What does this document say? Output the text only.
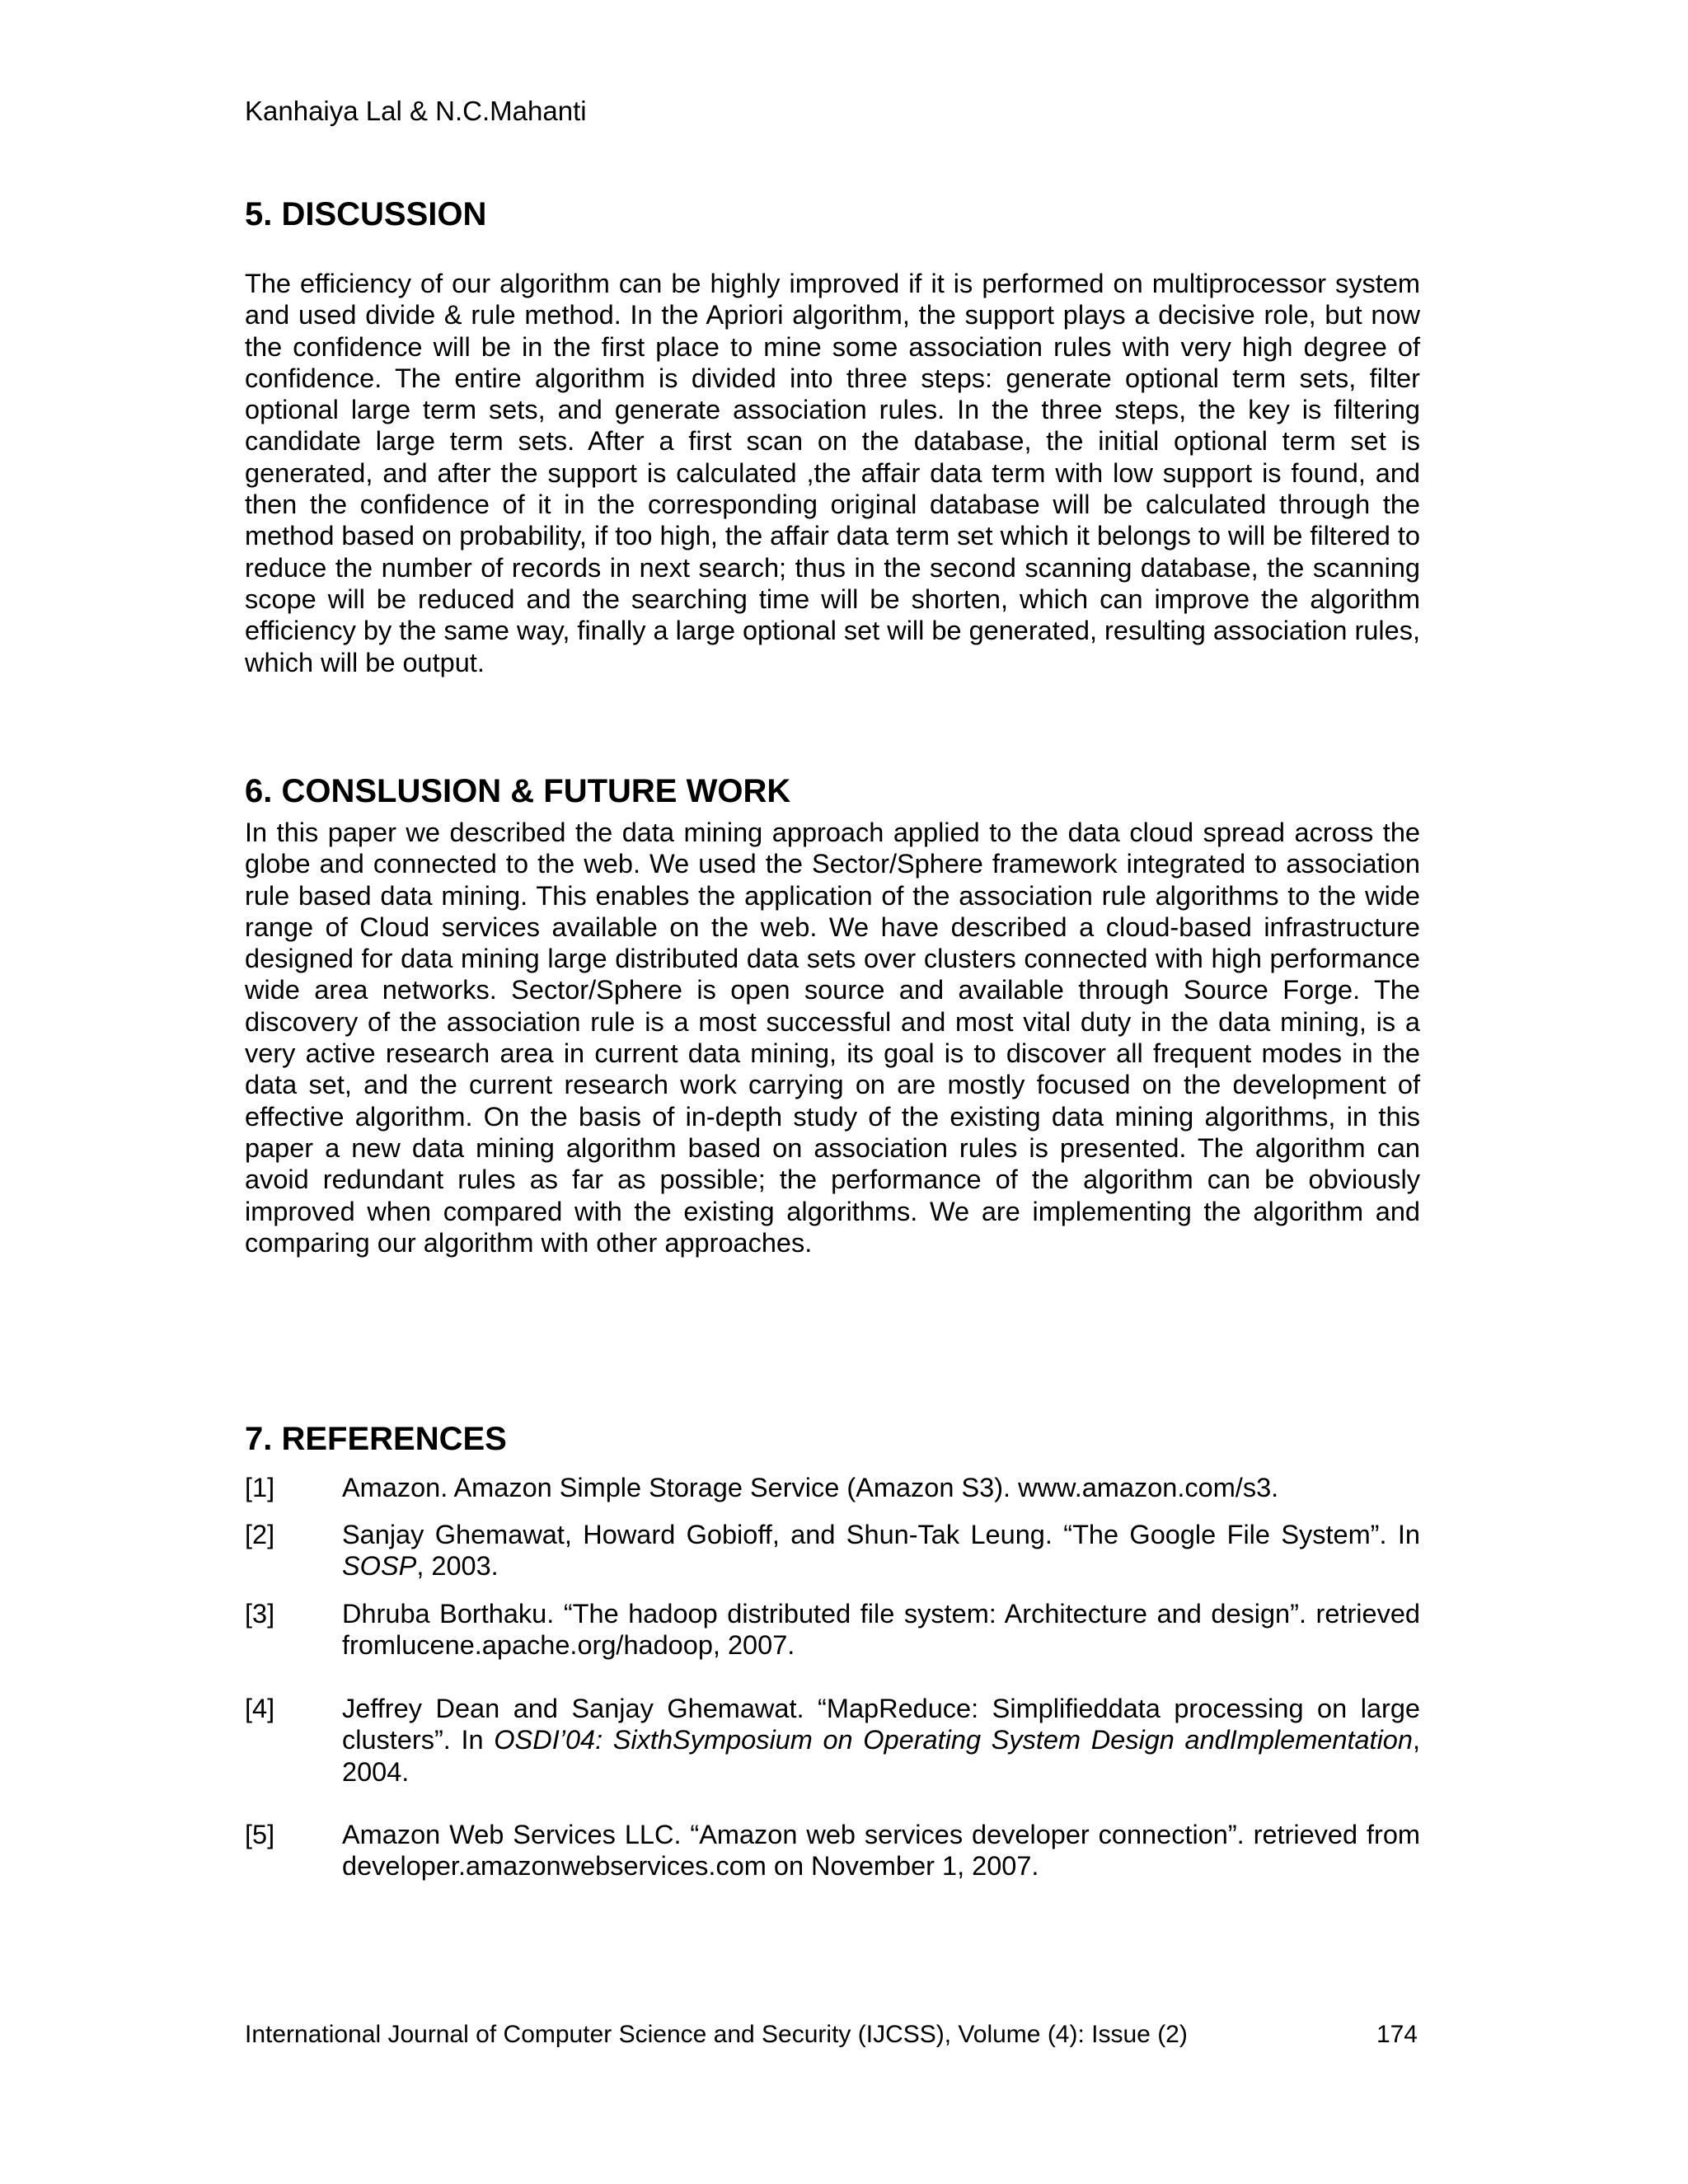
Kanhaiya Lal & N.C.Mahanti
5. DISCUSSION

The efficiency of our algorithm can be highly improved if it is performed on multiprocessor system and used divide & rule method. In the Apriori algorithm, the support plays a decisive role, but now the confidence will be in the first place to mine some association rules with very high degree of confidence. The entire algorithm is divided into three steps: generate optional term sets, filter optional large term sets, and generate association rules. In the three steps, the key is filtering candidate large term sets. After a first scan on the database, the initial optional term set is generated, and after the support is calculated ,the affair data term with low support is found, and then the confidence of it in the corresponding original database will be calculated through the method based on probability, if too high, the affair data term set which it belongs to will be filtered to reduce the number of records in next search; thus in the second scanning database, the scanning scope will be reduced and the searching time will be shorten, which can improve the algorithm efficiency by the same way, finally a large optional set will be generated, resulting association rules, which will be output.

6. CONSLUSION & FUTURE WORK

In this paper we described the data mining approach applied to the data cloud spread across the globe and connected to the web. We used the Sector/Sphere framework integrated to association rule based data mining. This enables the application of the association rule algorithms to the wide range of Cloud services available on the web. We have described a cloud-based infrastructure designed for data mining large distributed data sets over clusters connected with high performance wide area networks. Sector/Sphere is open source and available through Source Forge. The discovery of the association rule is a most successful and most vital duty in the data mining, is a very active research area in current data mining, its goal is to discover all frequent modes in the data set, and the current research work carrying on are mostly focused on the development of effective algorithm. On the basis of in-depth study of the existing data mining algorithms, in this paper a new data mining algorithm based on association rules is presented. The algorithm can avoid redundant rules as far as possible; the performance of the algorithm can be obviously improved when compared with the existing algorithms. We are implementing the algorithm and comparing our algorithm with other approaches.

7. REFERENCES
[1]	Amazon. Amazon Simple Storage Service (Amazon S3). www.amazon.com/s3.
[2]	Sanjay Ghemawat, Howard Gobioff, and Shun-Tak Leung. “The Google File System”. In SOSP, 2003.
[3]	Dhruba Borthaku. “The hadoop distributed file system: Architecture and design”. retrieved fromlucene.apache.org/hadoop, 2007.
[4]	Jeffrey Dean and Sanjay Ghemawat. “MapReduce: Simplifieddata processing on large clusters”. In OSDI’04: SixthSymposium on Operating System Design andImplementation, 2004.
[5]	Amazon Web Services LLC. “Amazon web services developer connection”. retrieved from developer.amazonwebservices.com on November 1, 2007.
International Journal of Computer Science and Security (IJCSS), Volume (4): Issue (2)	174
